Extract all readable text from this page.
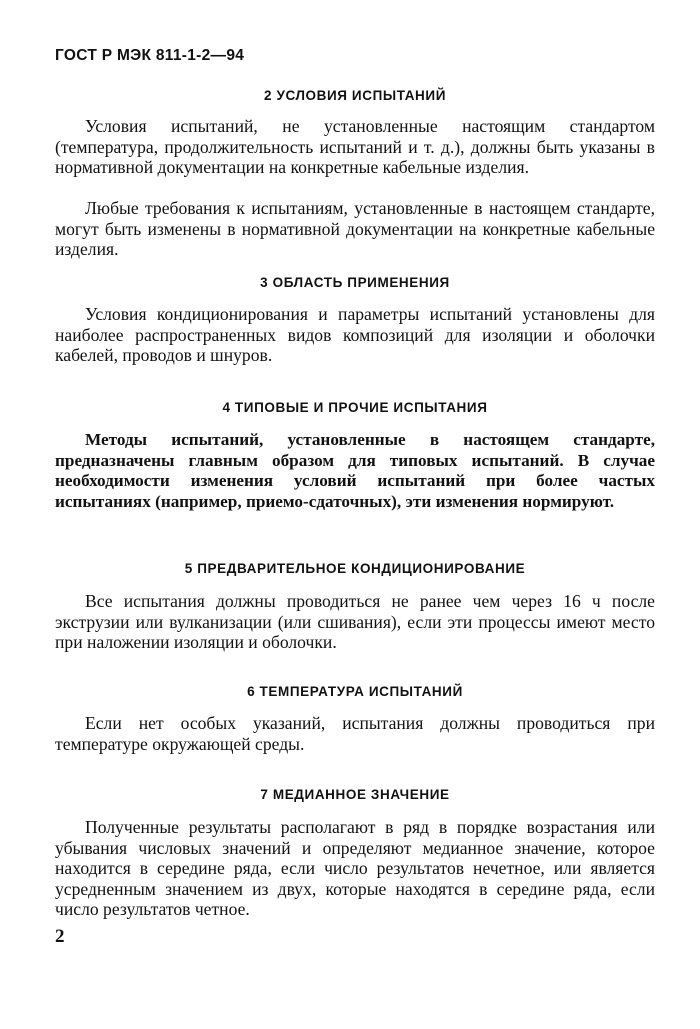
ГОСТ Р МЭК 811-1-2—94
2 УСЛОВИЯ ИСПЫТАНИЙ

Условия испытаний, не установленные настоящим стандартом (температура, продолжительность испытаний и т. д.), должны быть указаны в нормативной документации на конкретные кабельные изделия.

Любые требования к испытаниям, установленные в настоящем стандарте, могут быть изменены в нормативной документации на конкретные кабельные изделия.

3 ОБЛАСТЬ ПРИМЕНЕНИЯ

Условия кондиционирования и параметры испытаний установлены для наиболее распространенных видов композиций для изоляции и оболочки кабелей, проводов и шнуров.

4 ТИПОВЫЕ И ПРОЧИЕ ИСПЫТАНИЯ

Методы испытаний, установленные в настоящем стандарте, предназначены главным образом для типовых испытаний. В случае необходимости изменения условий испытаний при более частых испытаниях (например, приемо-сдаточных), эти изменения нормируют.

5 ПРЕДВАРИТЕЛЬНОЕ КОНДИЦИОНИРОВАНИЕ

Все испытания должны проводиться не ранее чем через 16 ч после экструзии или вулканизации (или сшивания), если эти процессы имеют место при наложении изоляции и оболочки.

6 ТЕМПЕРАТУРА ИСПЫТАНИЙ

Если нет особых указаний, испытания должны проводиться при температуре окружающей среды.

7 МЕДИАННОЕ ЗНАЧЕНИЕ

Полученные результаты располагают в ряд в порядке возрастания или убывания числовых значений и определяют медианное значение, которое находится в середине ряда, если число результатов нечетное, или является усредненным значением из двух, которые находятся в середине ряда, если число результатов четное.

2
